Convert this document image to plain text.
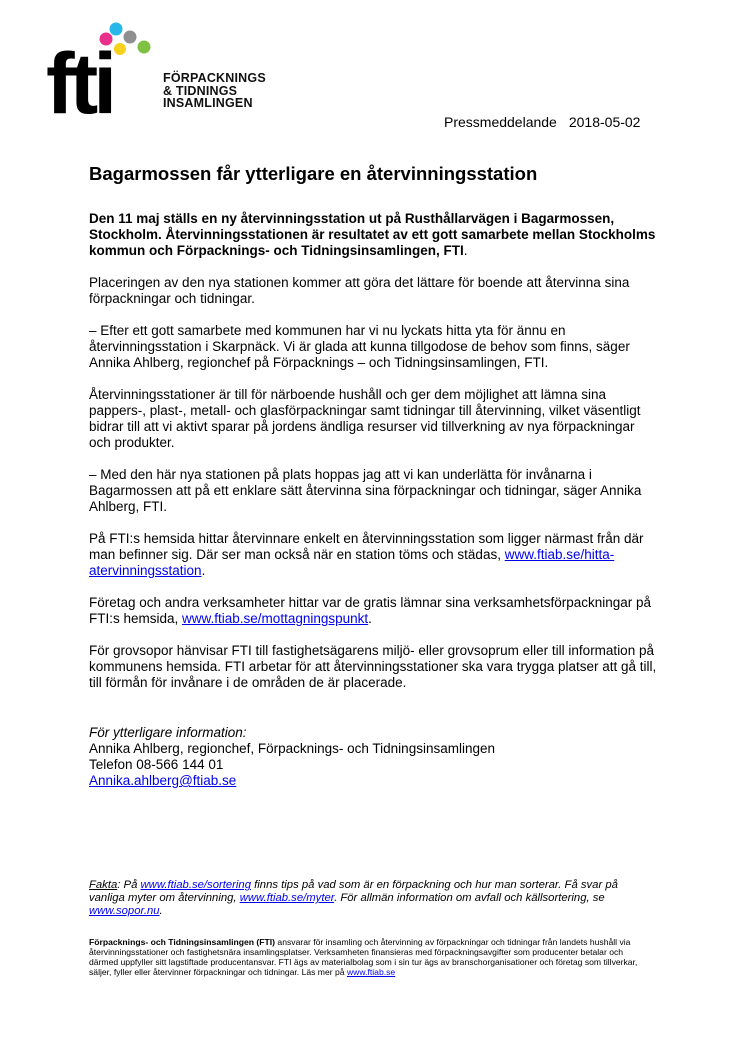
fti	FÖRPACKNINGS
& TIDNINGS
INSAMLINGEN
Pressmeddelande 2018-05-02
Bagarmossen får ytterligare en återvinningsstation

Den 11 maj ställs en ny återvinningsstation ut på Rusthållarvägen i Bagarmossen, Stockholm. Återvinningsstationen är resultatet av ett gott samarbete mellan Stockholms kommun och Förpacknings- och Tidningsinsamlingen, FTI.

Placeringen av den nya stationen kommer att göra det lättare för boende att återvinna sina förpackningar och tidningar.

– Efter ett gott samarbete med kommunen har vi nu lyckats hitta yta för ännu en återvinningsstation i Skarpnäck. Vi är glada att kunna tillgodose de behov som finns, säger Annika Ahlberg, regionchef på Förpacknings – och Tidningsinsamlingen, FTI.

Återvinningsstationer är till för närboende hushåll och ger dem möjlighet att lämna sina pappers-, plast-, metall- och glasförpackningar samt tidningar till återvinning, vilket väsentligt bidrar till att vi aktivt sparar på jordens ändliga resurser vid tillverkning av nya förpackningar och produkter.

– Med den här nya stationen på plats hoppas jag att vi kan underlätta för invånarna i Bagarmossen att på ett enklare sätt återvinna sina förpackningar och tidningar, säger Annika Ahlberg, FTI.

På FTI:s hemsida hittar återvinnare enkelt en återvinningsstation som ligger närmast från där man befinner sig. Där ser man också när en station töms och städas, www.ftiab.se/hitta-atervinningsstation.

Företag och andra verksamheter hittar var de gratis lämnar sina verksamhetsförpackningar på FTI:s hemsida, www.ftiab.se/mottagningspunkt.

För grovsopor hänvisar FTI till fastighetsägarens miljö- eller grovsoprum eller till information på kommunens hemsida. FTI arbetar för att återvinningsstationer ska vara trygga platser att gå till, till förmån för invånare i de områden de är placerade.

För ytterligare information:
Annika Ahlberg, regionchef, Förpacknings- och Tidningsinsamlingen
Telefon 08-566 144 01
Annika.ahlberg@ftiab.se
Fakta: På www.ftiab.se/sortering finns tips på vad som är en förpackning och hur man sorterar. Få svar på vanliga myter om återvinning, www.ftiab.se/myter. För allmän information om avfall och källsortering, se www.sopor.nu.
Förpacknings- och Tidningsinsamlingen (FTI) ansvarar för insamling och återvinning av förpackningar och tidningar från landets hushåll via återvinningsstationer och fastighetsnära insamlingsplatser. Verksamheten finansieras med förpackningsavgifter som producenter betalar och därmed uppfyller sitt lagstiftade producentansvar. FTI ägs av materialbolag som i sin tur ägs av branschorganisationer och företag som tillverkar, säljer, fyller eller återvinner förpackningar och tidningar. Läs mer på www.ftiab.se
